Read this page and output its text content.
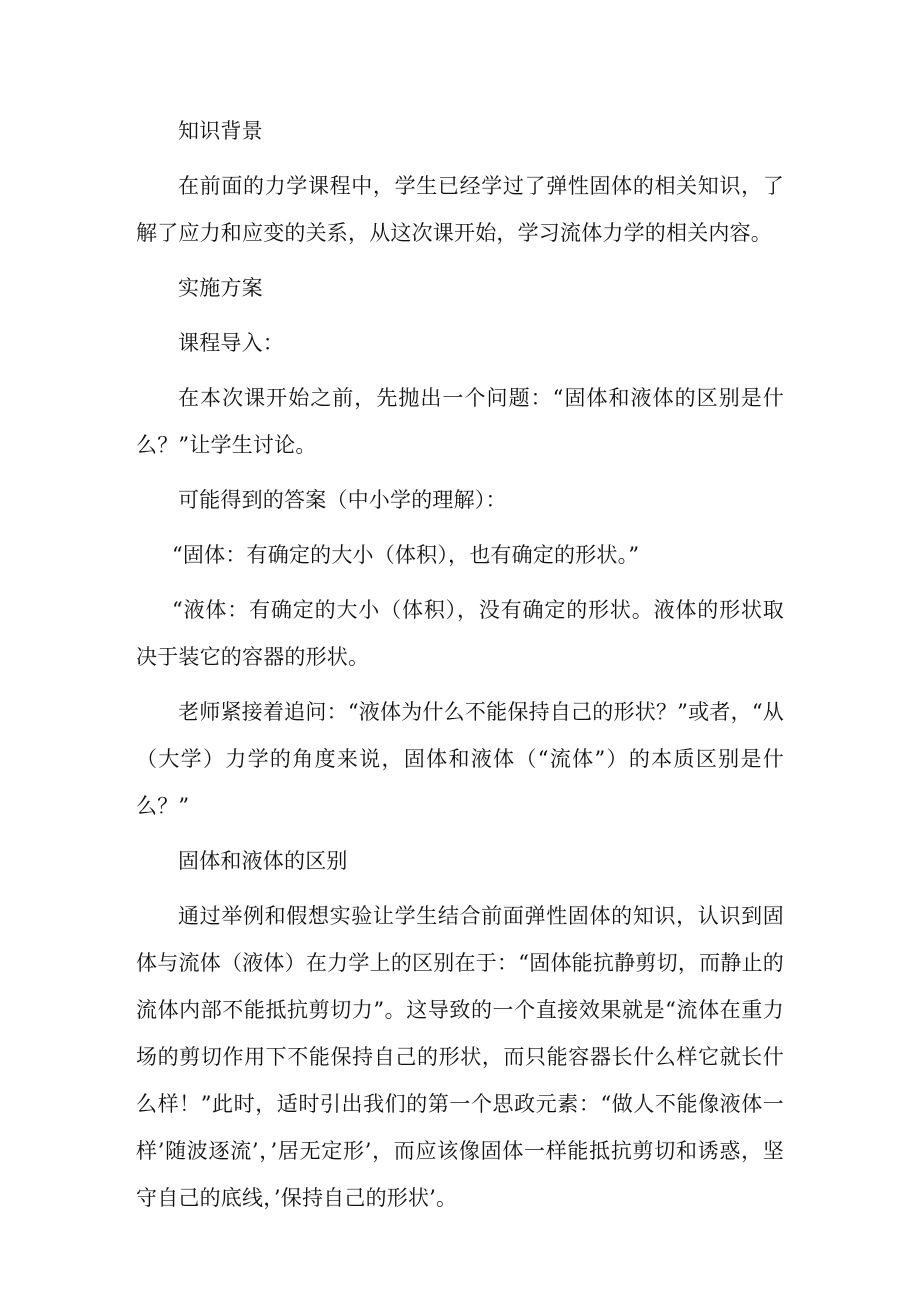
知识背景

在前面的力学课程中，学生已经学过了弹性固体的相关知识，了解了应力和应变的关系，从这次课开始，学习流体力学的相关内容。

实施方案

课程导入：

在本次课开始之前，先抛出一个问题：“固体和液体的区别是什么？”让学生讨论。

可能得到的答案（中小学的理解）：

“固体：有确定的大小（体积），也有确定的形状。”

“液体：有确定的大小（体积），没有确定的形状。液体的形状取决于装它的容器的形状。

老师紧接着追问：“液体为什么不能保持自己的形状？”或者，“从（大学）力学的角度来说，固体和液体（“流体”）的本质区别是什么？”

固体和液体的区别

通过举例和假想实验让学生结合前面弹性固体的知识，认识到固体与流体（液体）在力学上的区别在于：“固体能抗静剪切，而静止的流体内部不能抵抗剪切力”。这导致的一个直接效果就是“流体在重力场的剪切作用下不能保持自己的形状，而只能容器长什么样它就长什么样！”此时，适时引出我们的第一个思政元素：“做人不能像液体一样’随波逐流’，’居无定形’，而应该像固体一样能抵抗剪切和诱惑，坚守自己的底线，’保持自己的形状’。
